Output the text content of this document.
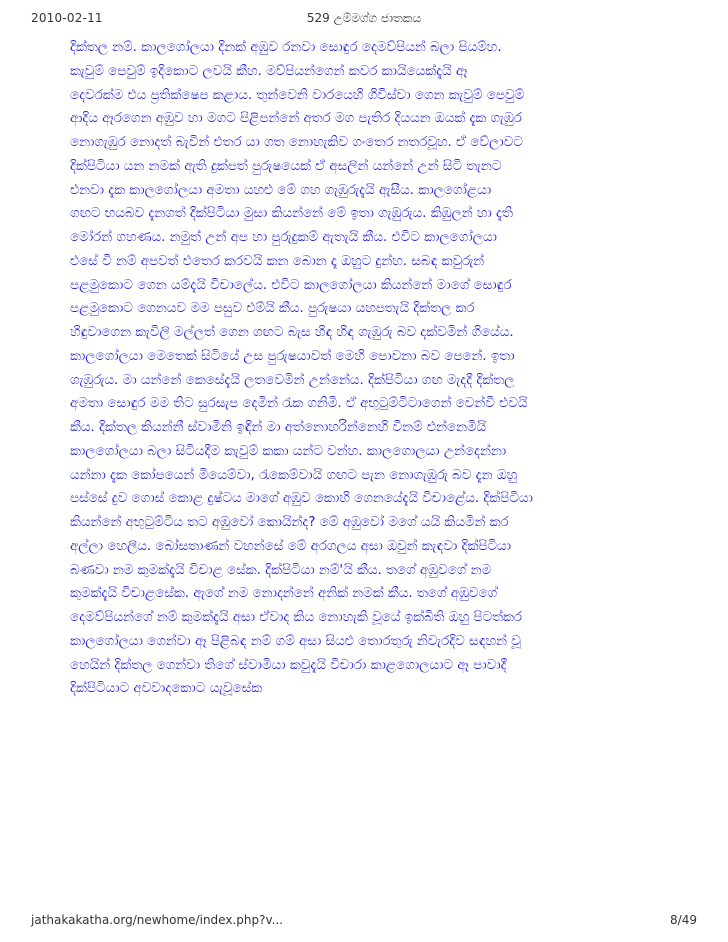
2010-02-11	529 උම්මග්ග ජාතකය
දික්තල නම්. කාලගෝලයා දිනක් අඹුව රනවා සොඳුර දෙමව්පියන් බලා පියම්හ.
කැවුම් පෙවුම් ඉදිකොට ලවයි කීහ. මව්පියන්ගෙන් කවර කායියෙක්දැයි ඈ
දෙවරක්ම එය ප්‍රතික්ෂෙප කළාය. තුන්වෙනි වාරයෙහි ගිවිස්වා ගෙන කැවුම් පෙවුම්
ආදිය ඈරගෙන අඹුව හා මගට පිළිපන්නේ අතර මග පැතිර දියයන ඔයක් දැක ගැඹුර
නොගැඹුර නොදත් බැවින් එතර යා ගත නොහැකිව ගංතෙර නතරවූහ. ඒ වේලාවට
දික්පිටියා යන නමක් ඇති දුක්පත් පුරුෂයෙක් ඒ අසලින් යන්නේ උන් සිටි තැනට
එනවා දැක කාලගෝලයා අමතා යහළු මේ ගහ ගැඹුරුදැයි ඇසීය. කාලගෝළයා
ගඟට භයබව දැනගත් දික්පිටියා මුසා කියන්නේ මේ ඉතා ගැඹුරුය. කිඹුලන් හා දැති
මෝරන් ගහණය. නමුත් උන් අප හා පුරුදුකම් ඇතැයි කීය. එවිට කාලගෝලයා
එසේ වී නම් අපවත් එතෙර කරවයි කන බොන දෑ ඔහුට දුන්හ. සබඳ කවුරුන්
පළමුකොට ගෙන යම්දැයි විචාලේය. එවිට කාලගෝලයා කියන්නේ මාගේ සොඳුර
පළමුකොට ගෙනයව මම පසුව එම්යි කීය. පුරුෂයා යහපතැයි දික්තල කර
හිඳුවාගෙන කැවිලි මල්ලත් ගෙන ගඟට බැස හිඳ හිඳ ගැඹුරු බව දක්වමින් ගියේය.
කාලගෝලයා මෙතෙක් සිටියේ උස පුරුෂයාවත් මෙහි පොවනා බව පෙනේ. ඉතා
ගැඹුරුය. මා යන්නේ කෙසේදැයි ලතවෙමින් උන්නේය. දික්පිටියා ගඟ මැදදී දික්තල
අමතා සොඳුර මම තිට සුරසැප දෙමින් රැක ගනිමි. ඒ අභුටුම්ටිටාගෙන් වෙන්වී එවයි
කීය. දික්තල කියන්නී ස්වාමිනි ඉඳින් මා අත්නොහරින්නෙහි වීනම් එන්නෙමියි
කාලගෝලයා බලා සිටියදීම කැවුම් කකා යන්ට වන්හ. කාලගොලයා උන්දෙන්නා
යන්නා දැක කෝපයෙන් මියෙම්වා, රැකෙම්වායි ගඟට පැන නොගැඹුරු බව දැන ඔහු
පස්සේ දුව ගොස් කොළ දුෂ්ටය මාගේ අඹුව කොහි ගෙනයේදැයි විචාළේය. දික්පිටියා
කියන්නේ අභුටුම්ටිය තට අඹුවෝ කොයින්ද? මේ අඹුවෝ මගේ යයි කියමින් කර
අල්ලා හෙලීය. බෝසතාණන් වහන්සේ මේ අරගලය අසා ඔවුන් කැඳවා දික්පිටියා
බණවා නම කුමක්දැයි විචාළ සේක. දික්පිටියා නම්'යි කීය. තගේ අඹුවගේ නම
කුමක්දැයි විචාළසේක. ඇගේ නම නොදන්නේ අනික් නමක් කීය. තගේ අඹුවගේ
දෙමව්පියන්ගේ නම් කුමක්දැයි අසා ඒවාද කිය නොහැකි වූයේ ඉක්බිති ඔහු පිටත්කර
කාලගෝලයා ගෙන්වා ඈ පිළිබඳ නම් ගම් අසා සියළු තොරතුරු නිවැරදිව සඳහන් වූ
හෙයින් දික්තල ගෙන්වා තිගේ ස්වාමියා කවුදැයි විචාරා කාළගොලයාට ඈ පාවාදී
දික්පිටියාට අවවාදකොට යැවූසේක
jathakakatha.org/newhome/index.php?v...	8/49
